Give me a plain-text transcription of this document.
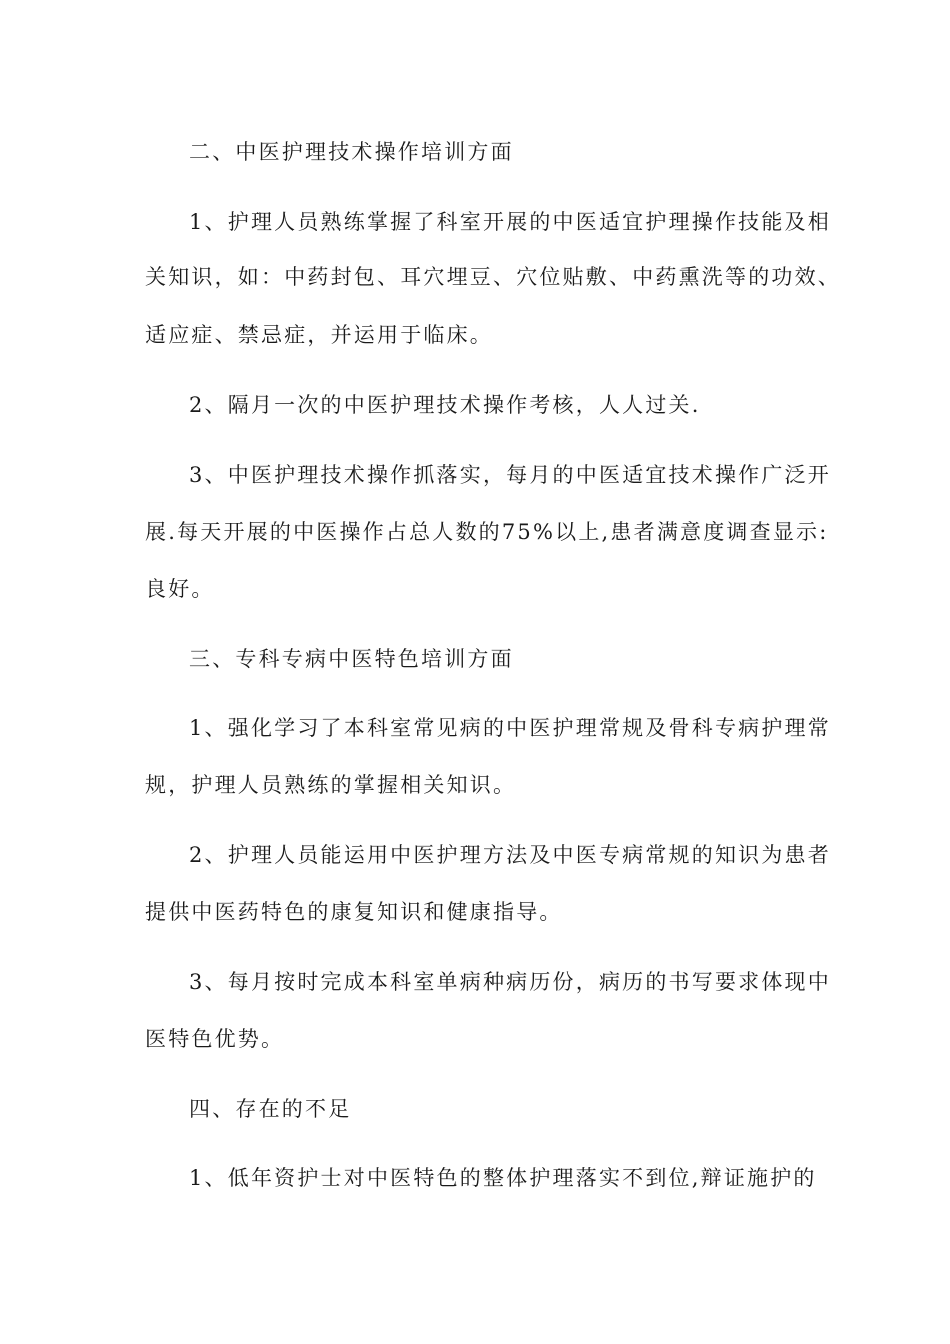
二、中医护理技术操作培训方面
1、护理人员熟练掌握了科室开展的中医适宜护理操作技能及相
关知识，如：中药封包、耳穴埋豆、穴位贴敷、中药熏洗等的功效、
适应症、禁忌症，并运用于临床。
2、隔月一次的中医护理技术操作考核，人人过关.
3、中医护理技术操作抓落实，每月的中医适宜技术操作广泛开
展.每天开展的中医操作占总人数的75%以上,患者满意度调查显示:
良好。
三、专科专病中医特色培训方面
1、强化学习了本科室常见病的中医护理常规及骨科专病护理常
规，护理人员熟练的掌握相关知识。
2、护理人员能运用中医护理方法及中医专病常规的知识为患者
提供中医药特色的康复知识和健康指导。
3、每月按时完成本科室单病种病历份，病历的书写要求体现中
医特色优势。
四、存在的不足
1、低年资护士对中医特色的整体护理落实不到位,辩证施护的
